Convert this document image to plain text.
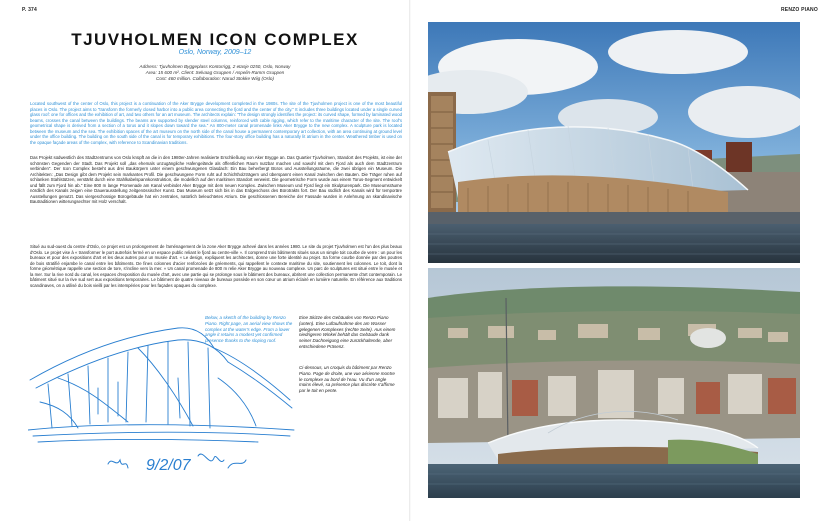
P. 374	RENZO PIANO
TJUVHOLMEN ICON COMPLEX
Oslo, Norway, 2009–12
Address: Tjuvholmen Byggeplass Kontorrigg, 2 etasje 0250, Oslo, Norway
Area: 15 600 m². Client: Selvaag Gruppen / Aspelin-Ramm Gruppen
Cost: 460 million. Collaboration: Narud Stokke Wiig (Oslo)

Located southwest of the center of Oslo, this project is a continuation of the Aker Brygge development completed in the 1980s. The site of the Tjuvholmen project is one of the most beautiful places in Oslo. The project aims to "transform the formerly closed harbor into a public area connecting the fjord and the center of the city." It includes three buildings located under a single curved glass roof: one for offices and the exhibition of art, and two others for an art museum. The architects explain: "The design strongly identifies the project: its curved shape, formed by laminated wood beams, crosses the canal between the buildings. The beams are supported by slender steel columns, reinforced with cable rigging, which refer to the maritime character of the site. The roof's geometrical shape is derived from a section of a torus and it slopes down toward the sea." An 800-meter canal promenade links Aker Brygge to the new complex. A sculpture park is located between the museum and the sea. The exhibition spaces of the art museum on the north side of the canal house a permanent contemporary art collection, with an area continuing at ground level under the office building. The building on the south side of the canal is for temporary exhibitions. The four-story office building has a naturally lit atrium in the center. Weathered timber is used on the opaque façade areas of the complex, with reference to Scandinavian traditions.

Das Projekt südwestlich des Stadtzentrums von Oslo knüpft an die in den 1980er-Jahren realisierte Erschließung von Aker Brygge an. Das Quartier Tjuvholmen, Standort des Projekts, ist eine der schönsten Gegenden der Stadt. Das Projekt soll „das ehemals unzugängliche Hafengelände als öffentlichen Raum nutzbar machen und sowohl mit dem Fjord als auch dem Stadtzentrum verbinden". Der Icon Complex besteht aus drei Baukörpern unter einem geschwungenen Glasdach: Ein Bau beherbergt Büros und Ausstellungsräume, die zwei übrigen ein Museum. Die Architekten: „Das Design gibt dem Projekt sein markantes Profil. Die geschwungene Form ruht auf Schichtholzträgern und überspannt einen Kanal zwischen den Bauten. Die Träger ruhen auf schlanken Stahlstützen, verstärkt durch eine Stahlkabelspannkonstruktion, die modellich auf den maritimen Standort verweist. Die geometrische Form wurde aus einem Torus-Segment entwickelt und fällt zum Fjord hin ab." Eine 800 m lange Promenade am Kanal verbindet Aker Brygge mit dem neuen Komplex. Zwischen Museum und Fjord liegt ein Skulpturenpark. Die Museumsräume nördlich des Kanals zeigen eine Dauerausstellung zeitgenössischer Kunst. Das Museum setzt sich bis in das Erdgeschoss des Bürotrakts fort. Der Bau südlich des Kanals wird für temporäre Ausstellungen genutzt. Das viergeschossige Bürogebäude hat ein zentrales, natürlich beleuchtetes Atrium. Die geschlossenen Bereiche der Fassade wurden in Anlehnung an skandinavische Bautraditionen witterungsechter mit Holz verschalt.

Situé au sud-ouest du centre d'Oslo, ce projet est un prolongement de l'aménagement de la zone Aker Brygge achevé dans les années 1980. Le site du projet Tjuvholmen est l'un des plus beaux d'Oslo. Le projet vise à « transformer le port autrefois fermé en un espace public reliant le fjord au centre-ville ». Il comprend trois bâtiments situés sous un simple toit courbe de verre : un pour les bureaux et pour des expositions d'art et les deux autres pour un musée d'art. « Le design, expliquent les architectes, donne une forte identité au projet. Sa forme courbe donnée par des poutres de bois stratifié enjambe le canal entre les bâtiments. De fines colonnes d'acier renforcées de gréements, qui rappellent le contexte maritime du site, soutiennent les colonnes. Le toit, dont la forme géométrique rappelle une section de tore, s'incline vers la mer. » Un canal promenade de 800 m relie Aker Brygge au nouveau complexe. Un parc de sculptures est situé entre le musée et la mer. Sur la rive nord du canal, les espaces d'exposition du musée d'art, avec une partie qui se prolonge sous le bâtiment des bureaux, abritent une collection permanente d'art contemporain. Le bâtiment situé sur la rive sud sert aux expositions temporaires. Le bâtiment de quatre niveaux de bureaux possède en son cœur un atrium éclairé en lumière naturelle. En référence aux traditions scandinaves, on a utilisé du bois vieilli par les intempéries pour les façades opaques du complexe.

Below, a sketch of the building by Renzo Piano. Right page, an aerial view shows the complex at the water's edge. From a lower angle it retains a modest yet confirmed presence thanks to the sloping roof.
Eine Skizze des Gebäudes von Renzo Piano (unten). Eine Luftaufnahme des am Wasser gelegenen Komplexes (rechte Seite). Aus einem niedrigeren Winkel behält das Gebäude dank seiner Dachneigung eine zurückhaltende, aber entschiedene Präsenz.
Ci-dessous, un croquis du bâtiment par Renzo Piano. Page de droite, une vue aérienne montre le complexe au bord de l'eau. Vu d'un angle moins élevé, sa présence plus discrète s'affirme par le toit en pente.
9/2/07
